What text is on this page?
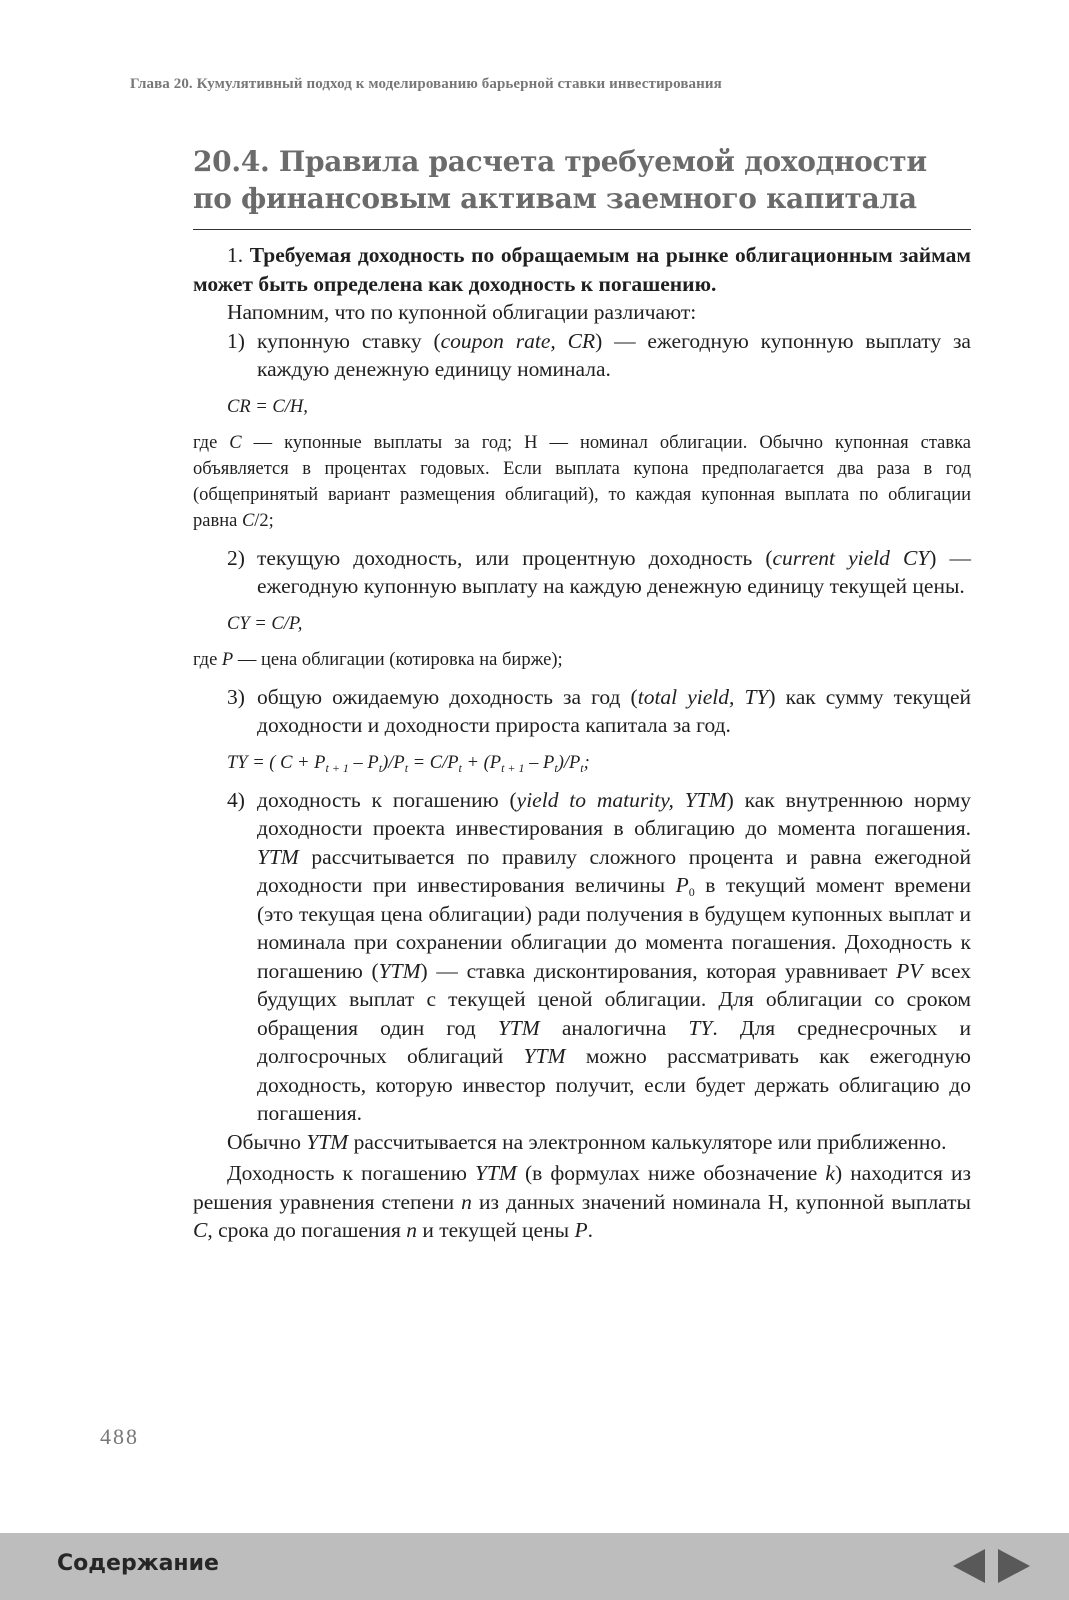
Глава 20. Кумулятивный подход к моделированию барьерной ставки инвестирования
20.4. Правила расчета требуемой доходности
по финансовым активам заемного капитала

1. Требуемая доходность по обращаемым на рынке облигационным займам может быть определена как доходность к погашению.

Напомним, что по купонной облигации различают:

1) купонную ставку (coupon rate, CR) — ежегодную купонную выплату за каждую денежную единицу номинала.
CR = C/Н,

где C — купонные выплаты за год; Н — номинал облигации. Обычно купонная ставка объявляется в процентах годовых. Если выплата купона предполагается два раза в год (общепринятый вариант размещения облигаций), то каждая купонная выплата по облигации равна C/2;

2) текущую доходность, или процентную доходность (current yield CY) — ежегодную купонную выплату на каждую денежную единицу текущей цены.
CY = C/P,

где P — цена облигации (котировка на бирже);

3) общую ожидаемую доходность за год (total yield, TY) как сумму текущей доходности и доходности прироста капитала за год.
TY = ( $C + P_{t + 1} - P_t)/P_t = C/P_t + (P_{t + 1} - P_t)/P_t$;
4) доходность к погашению (yield to maturity, YTM) как внутреннюю норму доходности проекта инвестирования в облигацию до момента погашения. YTM рассчитывается по правилу сложного процента и равна ежегодной доходности при инвестирования величины $P_0$ в текущий момент времени (это текущая цена облигации) ради получения в будущем купонных выплат и номинала при сохранении облигации до момента погашения. Доходность к погашению (YTM) — ставка дисконтирования, которая уравнивает PV всех будущих выплат с текущей ценой облигации. Для облигации со сроком обращения один год YTM аналогична TY. Для среднесрочных и долгосрочных облигаций YTM можно рассматривать как ежегодную доходность, которую инвестор получит, если будет держать облигацию до погашения.

Обычно YTM рассчитывается на электронном калькуляторе или приближенно.

Доходность к погашению YTM (в формулах ниже обозначение k) находится из решения уравнения степени n из данных значений номинала Н, купонной выплаты C, срока до погашения n и текущей цены P.

488
Содержание
